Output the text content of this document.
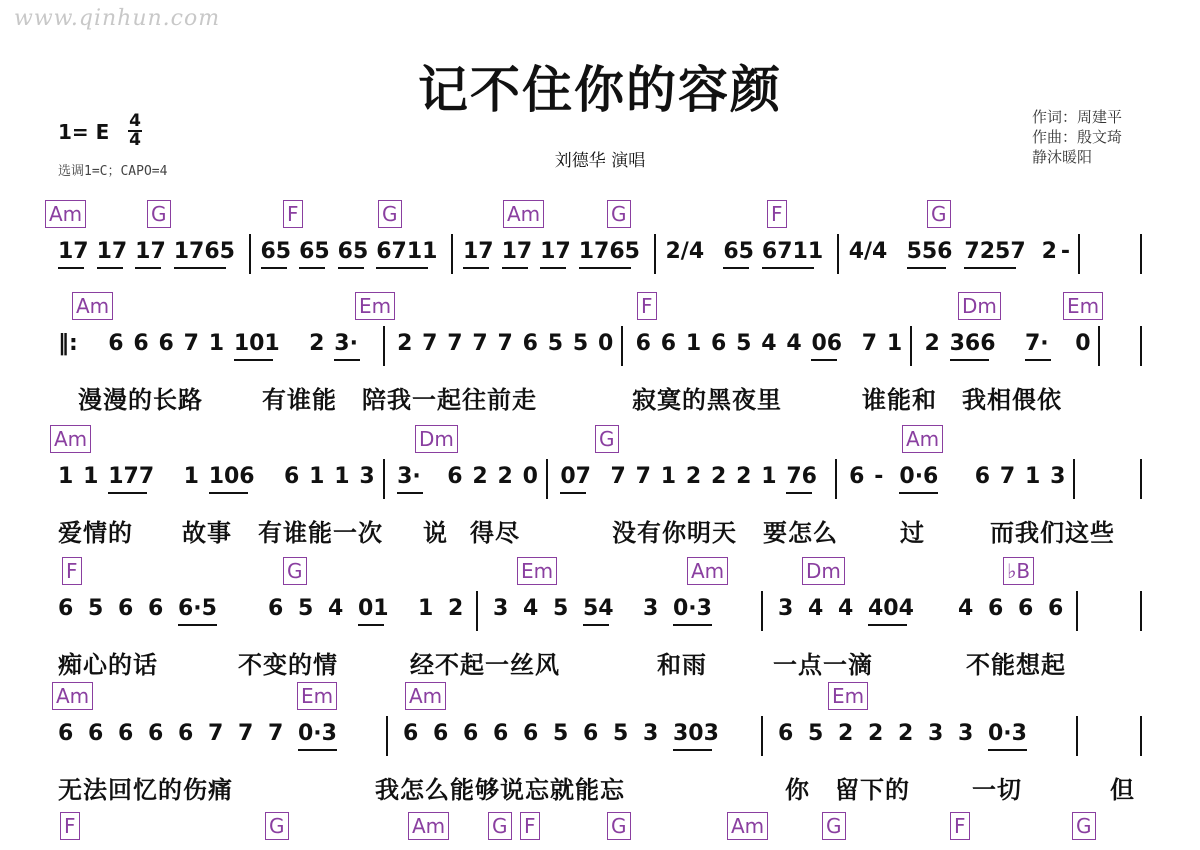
www.qinhun.com
记不住你的容颜
1= E 4
4
选调1=C；CAPO=4
刘德华 演唱
作词：周建平
作曲：殷文琦
静沐暖阳
Am	G	F	G	Am	G	F	G
17 17 17 1765 65 65 65 6711 17 17 17 1765 2/4 65 6711 4/4 556 7257 2 -
Am	Em	F	Dm	Em
‖: 6 6 6 7 1 101 2 3· 2 7 7 7 7 6 5 5 0 6 6 1 6 5 4 4 06 7 1 2 366 7· 0
漫漫的长路 有谁能 陪我一起往前走	寂寞的黑夜里	谁能和 我相偎依
Am	Dm	G	Am
1 1 177 1 106 6 1 1 3 3· 6 2 2 0 07 7 7 1 2 2 2 1 76 6 - 0·6 6 7 1 3
爱情的 故事 有谁能一次 说 得尽	没有你明天 要怎么	过	而我们这些
F	G	Em	Am	Dm	♭B
6 5 6 6 6·5 6 5 4 01 1 2 3 4 5 54 3 0·3	3 4 4 404 4 6 6 6
痴心的话	不变的情	经不起一丝风	和雨	一点一滴	不能想起
Am	Em	Am	Em
6 6 6 6 6 7 7 7 0·3	6 6 6 6 6 5 6 5 3 303	6 5 2 2 2 3 3 0·3
无法回忆的伤痛	我怎么能够说忘就能忘	你 留下的	一切	但
F	G	Am G F	G	Am	G	F	G
